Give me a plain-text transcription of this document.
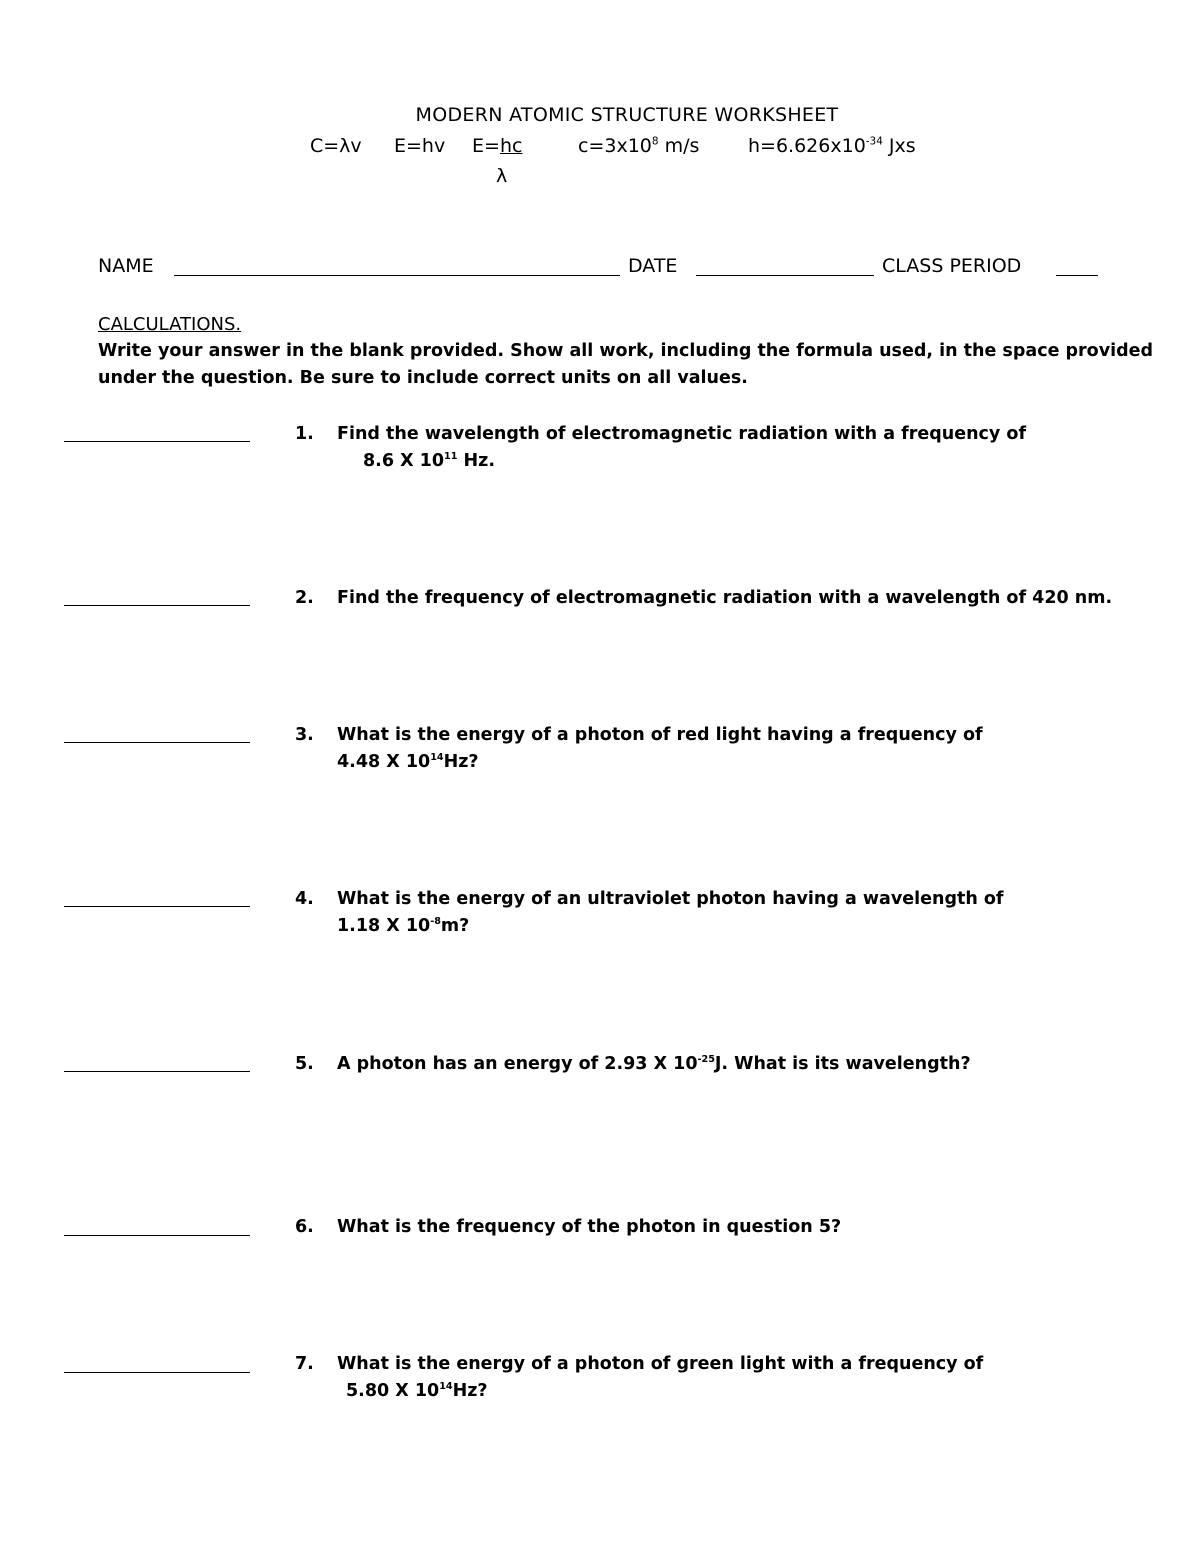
MODERN ATOMIC STRUCTURE WORKSHEET
C=λv E=hv E=hc
λ
$c=3x10^8$ m/s	$h=6.626x10^{-34}$ Jxs
NAME	DATE	CLASS PERIOD
CALCULATIONS.
Write your answer in the blank provided. Show all work, including the formula used, in the space provided
under the question. Be sure to include correct units on all values.
1. Find the wavelength of electromagnetic radiation with a frequency of
8.6 X $10^{11}$ Hz.
2. Find the frequency of electromagnetic radiation with a wavelength of 420 nm.
3. What is the energy of a photon of red light having a frequency of
4.48 X $10^{14}Hz$?
4. What is the energy of an ultraviolet photon having a wavelength of
1.18 X $10^{-8}m$?
5. A photon has an energy of 2.93 X $10^{-25}J$. What is its wavelength?
6. What is the frequency of the photon in question 5?
7. What is the energy of a photon of green light with a frequency of
5.80 X $10^{14}Hz$?
